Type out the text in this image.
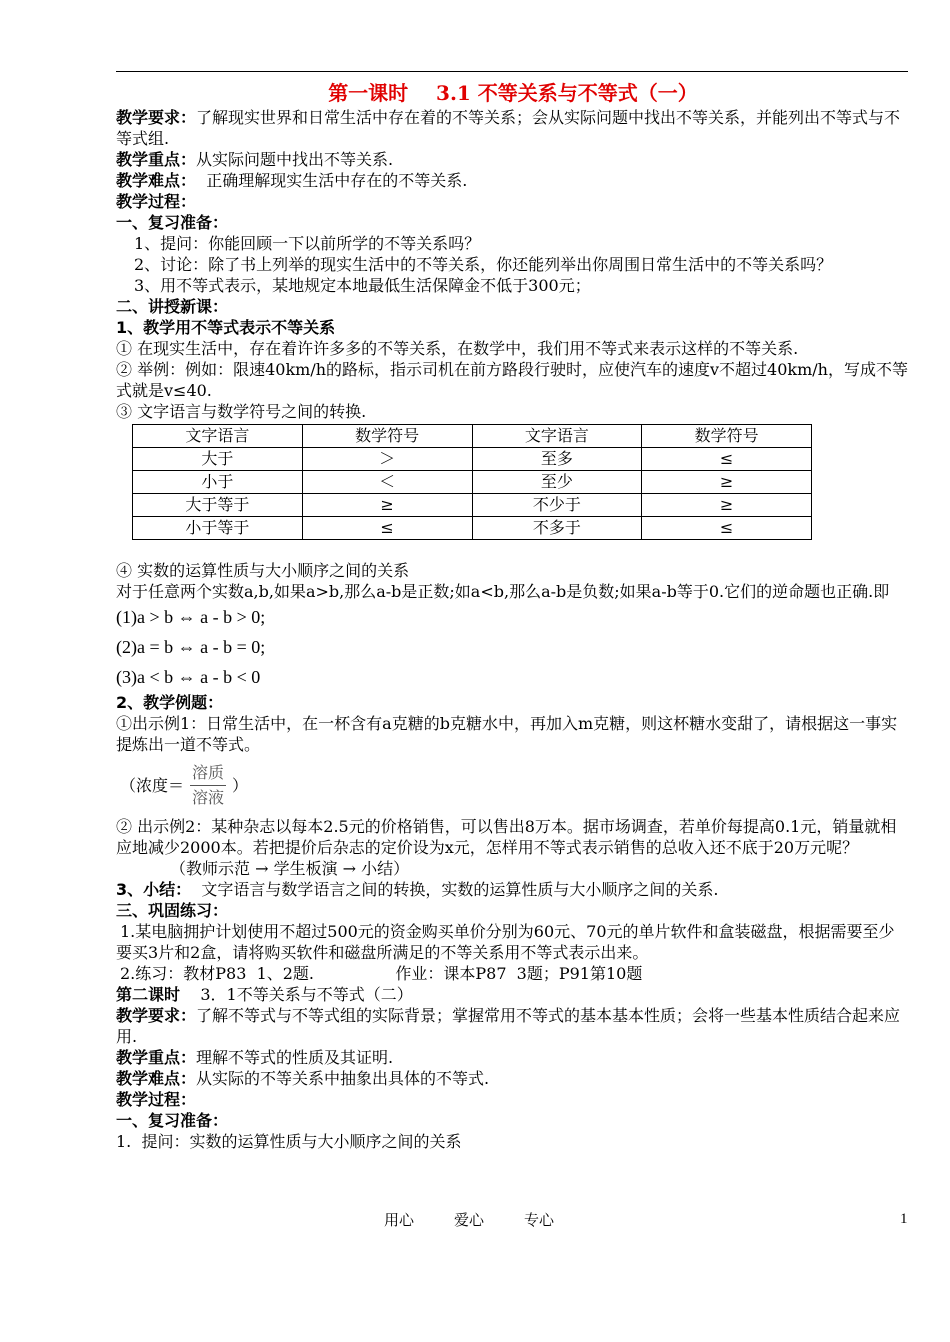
第一课时    3.1 不等关系与不等式（一）

教学要求：了解现实世界和日常生活中存在着的不等关系；会从实际问题中找出不等关系，并能列出不等式与不等式组.

教学重点：从实际问题中找出不等关系.

教学难点：  正确理解现实生活中存在的不等关系.

教学过程：

一、复习准备：

1、提问：你能回顾一下以前所学的不等关系吗？

2、讨论：除了书上列举的现实生活中的不等关系，你还能列举出你周围日常生活中的不等关系吗？

3、用不等式表示，某地规定本地最低生活保障金不低于300元；

二、讲授新课：

1、教学用不等式表示不等关系

① 在现实生活中，存在着许许多多的不等关系，在数学中，我们用不等式来表示这样的不等关系.

② 举例：例如：限速40km/h的路标，指示司机在前方路段行驶时，应使汽车的速度v不超过40km/h，写成不等式就是v≤40.

③ 文字语言与数学符号之间的转换.

文字语言	数学符号	文字语言	数学符号
大于	＞	至多	≤
小于	＜	至少	≥
大于等于	≥	不少于	≥
小于等于	≤	不多于	≤

④ 实数的运算性质与大小顺序之间的关系

对于任意两个实数a,b,如果a>b,那么a-b是正数;如a<b,那么a-b是负数;如果a-b等于0.它们的逆命题也正确.即

(1)a > b ⇔ a - b > 0;

(2)a = b ⇔ a - b = 0;

(3)a < b ⇔ a - b < 0

2、教学例题：

①出示例1：日常生活中，在一杯含有a克糖的b克糖水中，再加入m克糖，则这杯糖水变甜了，请根据这一事实提炼出一道不等式。

（浓度＝ $\frac{\text{溶质}}{\text{溶液}}$ ）

② 出示例2：某种杂志以每本2.5元的价格销售，可以售出8万本。据市场调查，若单价每提高0.1元，销量就相应地减少2000本。若把提价后杂志的定价设为x元，怎样用不等式表示销售的总收入还不底于20万元呢？

（教师示范 → 学生板演 → 小结）

3、小结：  文字语言与数学语言之间的转换，实数的运算性质与大小顺序之间的关系.

三、巩固练习：

1.某电脑拥护计划使用不超过500元的资金购买单价分别为60元、70元的单片软件和盒装磁盘，根据需要至少要买3片和2盒，请将购买软件和磁盘所满足的不等关系用不等式表示出来。

2.练习：教材P83  1、2题.                作业：课本P87  3题；P91第10题

第二课时    3．1不等关系与不等式（二）

教学要求：了解不等式与不等式组的实际背景；掌握常用不等式的基本基本性质；会将一些基本性质结合起来应用.

教学重点：理解不等式的性质及其证明.

教学难点：从实际的不等关系中抽象出具体的不等式.

教学过程：

一、复习准备：

1.  提问：实数的运算性质与大小顺序之间的关系

用心	爱心	专心	1
